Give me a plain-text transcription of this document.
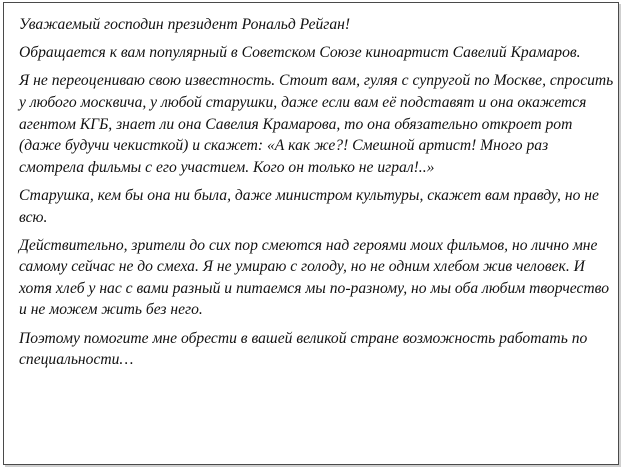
Уважаемый господин президент Рональд Рейган!

Обращается к вам популярный в Советском Союзе киноартист Савелий Крамаров.

Я не переоцениваю свою известность. Стоит вам, гуляя с супругой по Москве, спросить у любого москвича, у любой старушки, даже если вам её подставят и она окажется агентом КГБ, знает ли она Савелия Крамарова, то она обязательно откроет рот (даже будучи чекисткой) и скажет: «А как же?! Смешной артист! Много раз смотрела фильмы с его участием. Кого он только не играл!..»

Старушка, кем бы она ни была, даже министром культуры, скажет вам правду, но не всю.

Действительно, зрители до сих пор смеются над героями моих фильмов, но лично мне самому сейчас не до смеха. Я не умираю с голоду, но не одним хлебом жив человек. И хотя хлеб у нас с вами разный и питаемся мы по-разному, но мы оба любим творчество и не можем жить без него.

Поэтому помогите мне обрести в вашей великой стране возможность работать по специальности…
